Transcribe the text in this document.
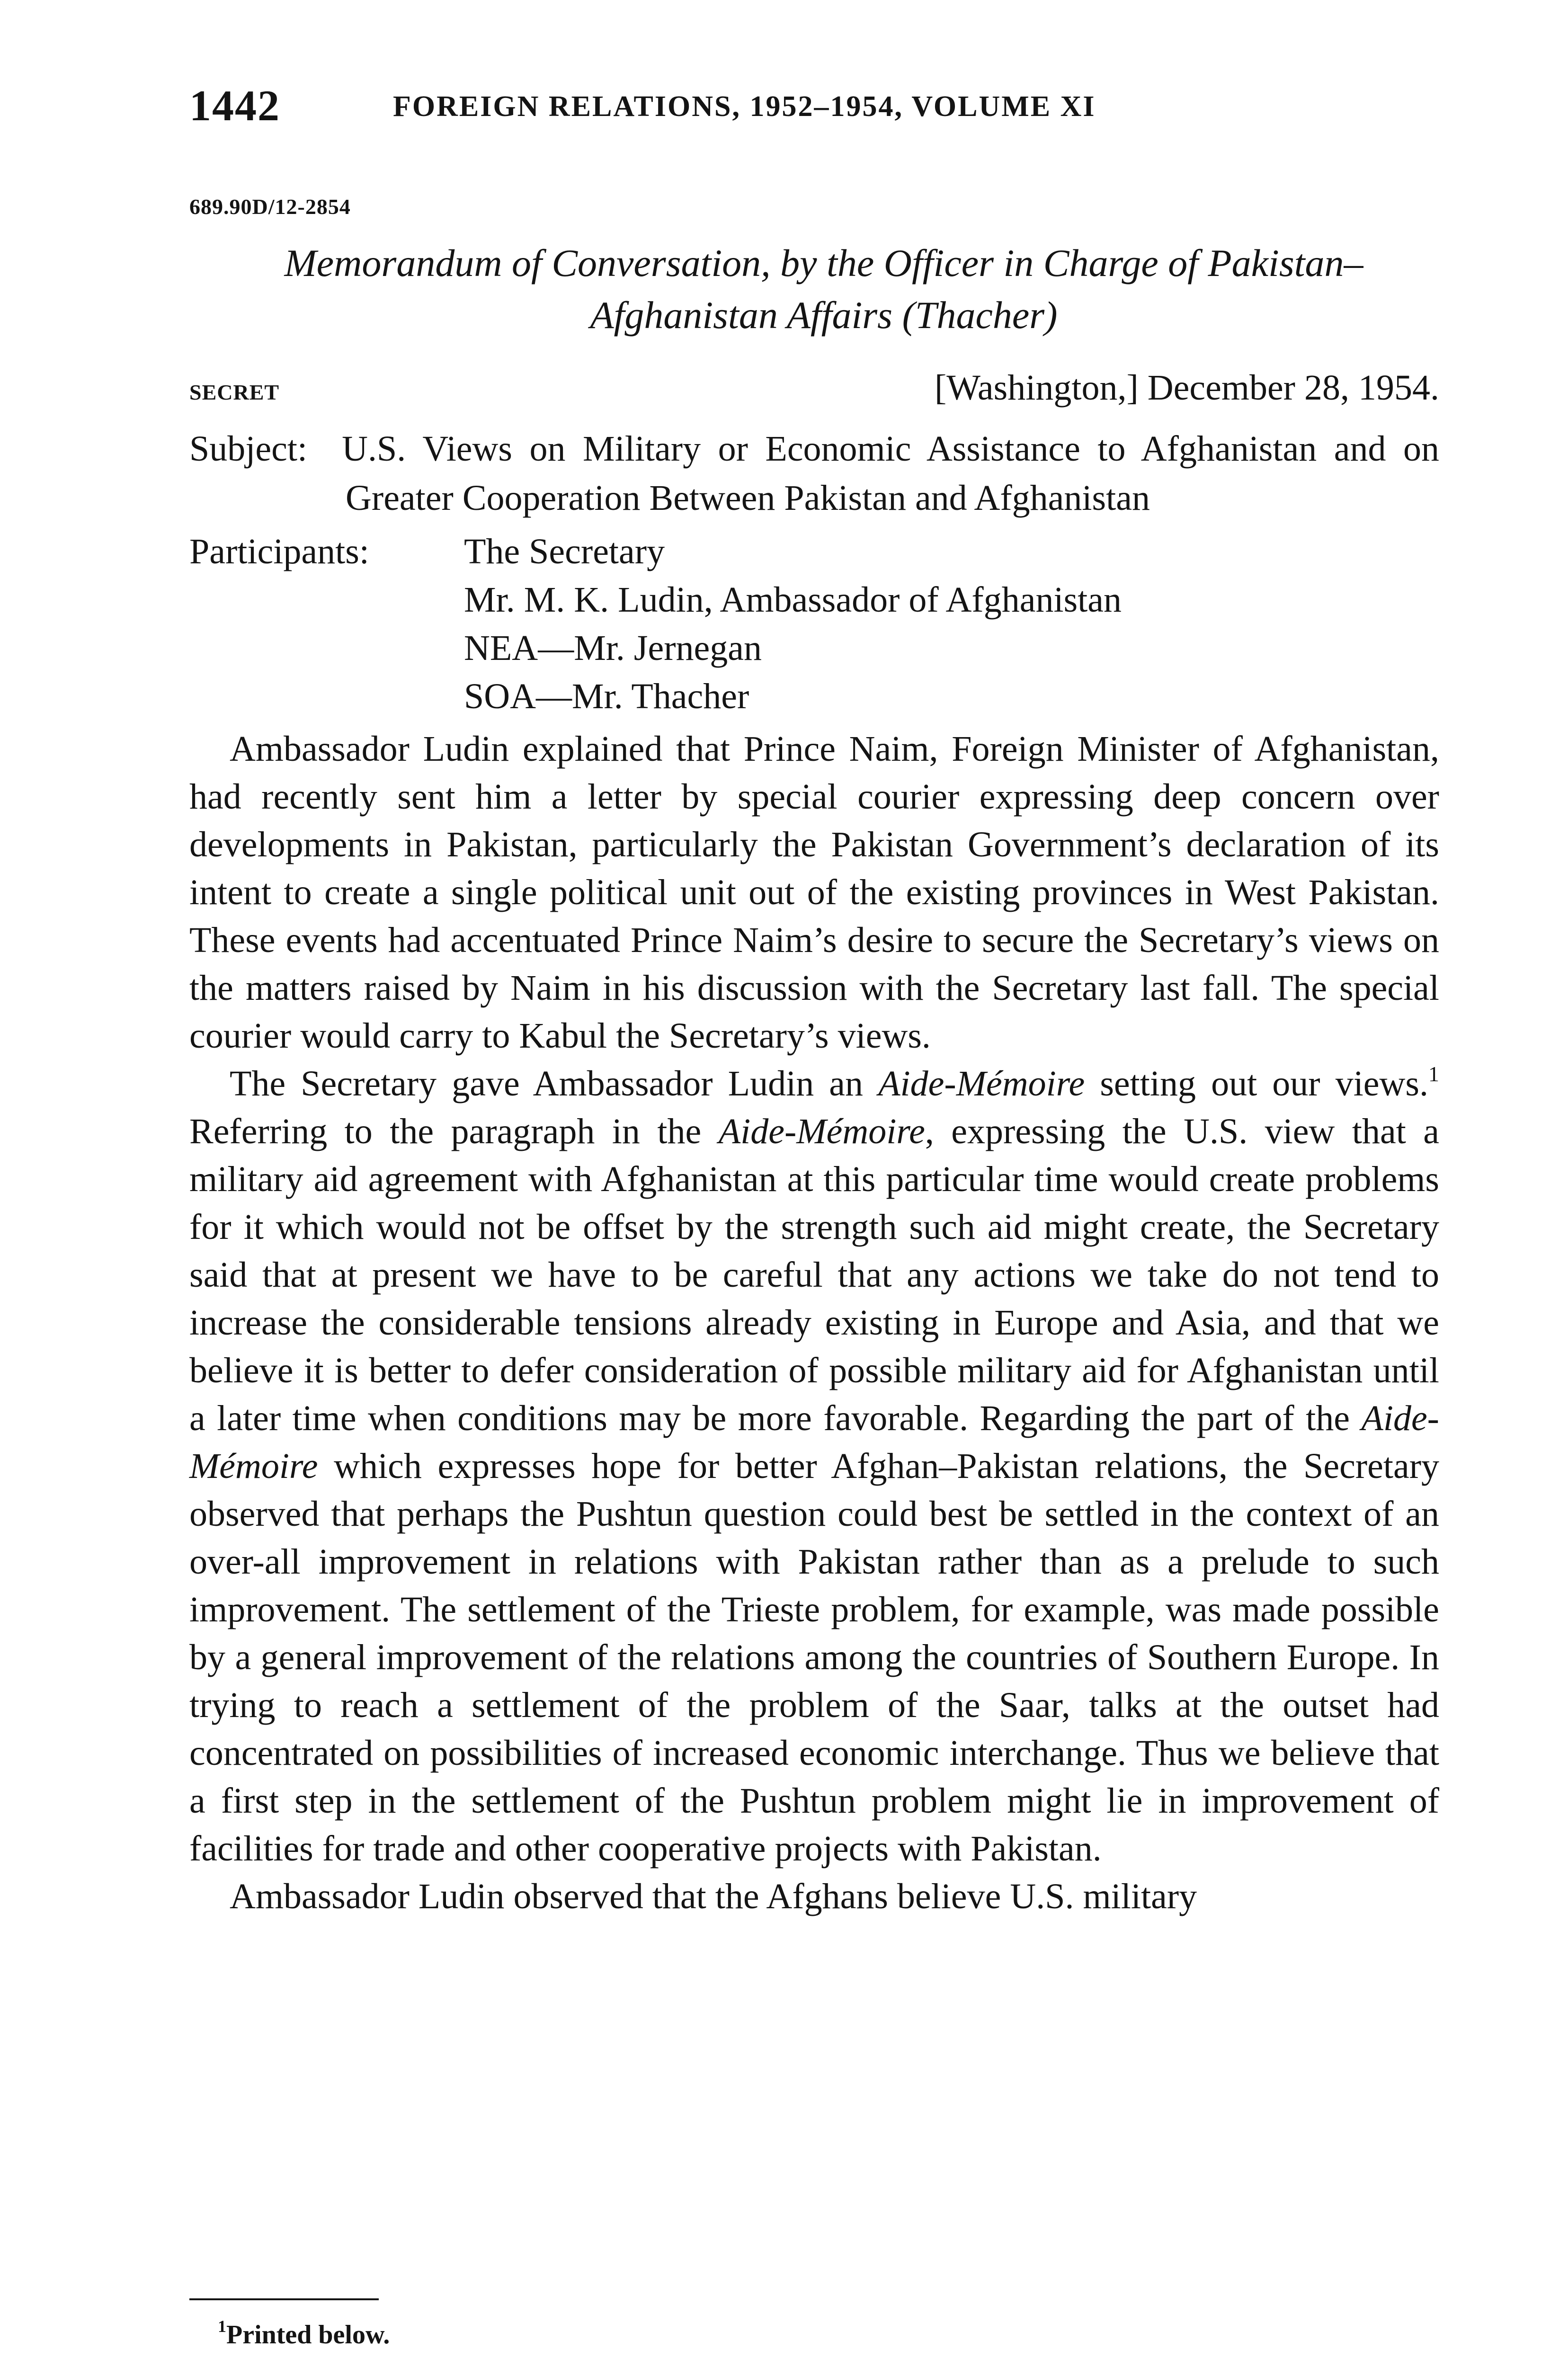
1442	FOREIGN RELATIONS, 1952–1954, VOLUME XI
689.90D/12-2854
Memorandum of Conversation, by the Officer in Charge of Pakistan–
Afghanistan Affairs (Thacher)
SECRET	[Washington,] December 28, 1954.
Subject: U.S. Views on Military or Economic Assistance to Afghanistan and on Greater Cooperation Between Pakistan and Afghanistan
Participants:	The Secretary
Mr. M. K. Ludin, Ambassador of Afghanistan
NEA—Mr. Jernegan
SOA—Mr. Thacher

Ambassador Ludin explained that Prince Naim, Foreign Minister of Afghanistan, had recently sent him a letter by special courier expressing deep concern over developments in Pakistan, particularly the Pakistan Government’s declaration of its intent to create a single political unit out of the existing provinces in West Pakistan. These events had accentuated Prince Naim’s desire to secure the Secretary’s views on the matters raised by Naim in his discussion with the Secretary last fall. The special courier would carry to Kabul the Secretary’s views.

The Secretary gave Ambassador Ludin an Aide-Mémoire setting out our views.$^1$ Referring to the paragraph in the Aide-Mémoire, expressing the U.S. view that a military aid agreement with Afghanistan at this particular time would create problems for it which would not be offset by the strength such aid might create, the Secretary said that at present we have to be careful that any actions we take do not tend to increase the considerable tensions already existing in Europe and Asia, and that we believe it is better to defer consideration of possible military aid for Afghanistan until a later time when conditions may be more favorable. Regarding the part of the Aide-Mémoire which expresses hope for better Afghan–Pakistan relations, the Secretary observed that perhaps the Pushtun question could best be settled in the context of an over-all improvement in relations with Pakistan rather than as a prelude to such improvement. The settlement of the Trieste problem, for example, was made possible by a general improvement of the relations among the countries of Southern Europe. In trying to reach a settlement of the problem of the Saar, talks at the outset had concentrated on possibilities of increased economic interchange. Thus we believe that a first step in the settlement of the Pushtun problem might lie in improvement of facilities for trade and other cooperative projects with Pakistan.

Ambassador Ludin observed that the Afghans believe U.S. military

$^1$Printed below.
